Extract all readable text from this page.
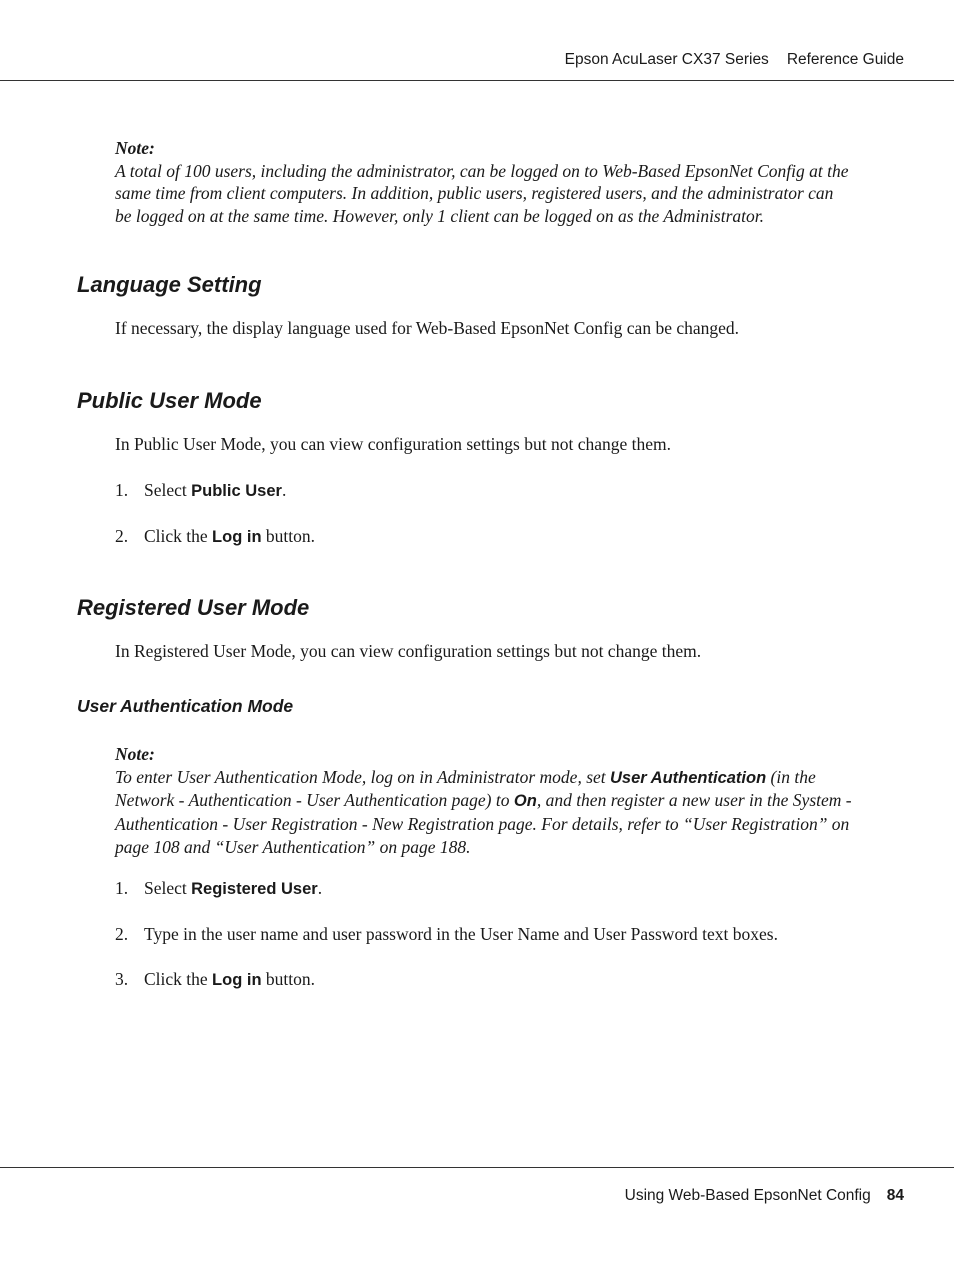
Epson AcuLaser CX37 Series Reference Guide
Note:
A total of 100 users, including the administrator, can be logged on to Web-Based EpsonNet Config at the
same time from client computers. In addition, public users, registered users, and the administrator can
be logged on at the same time. However, only 1 client can be logged on as the Administrator.
Language Setting

If necessary, the display language used for Web-Based EpsonNet Config can be changed.

Public User Mode

In Public User Mode, you can view configuration settings but not change them.

1. Select Public User.
2. Click the Log in button.
Registered User Mode

In Registered User Mode, you can view configuration settings but not change them.

User Authentication Mode
Note:
To enter User Authentication Mode, log on in Administrator mode, set User Authentication (in the
Network - Authentication - User Authentication page) to On, and then register a new user in the System -
Authentication - User Registration - New Registration page. For details, refer to “User Registration” on
page 108 and “User Authentication” on page 188.
1. Select Registered User.
2. Type in the user name and user password in the User Name and User Password text boxes.
3. Click the Log in button.
Using Web-Based EpsonNet Config 84
